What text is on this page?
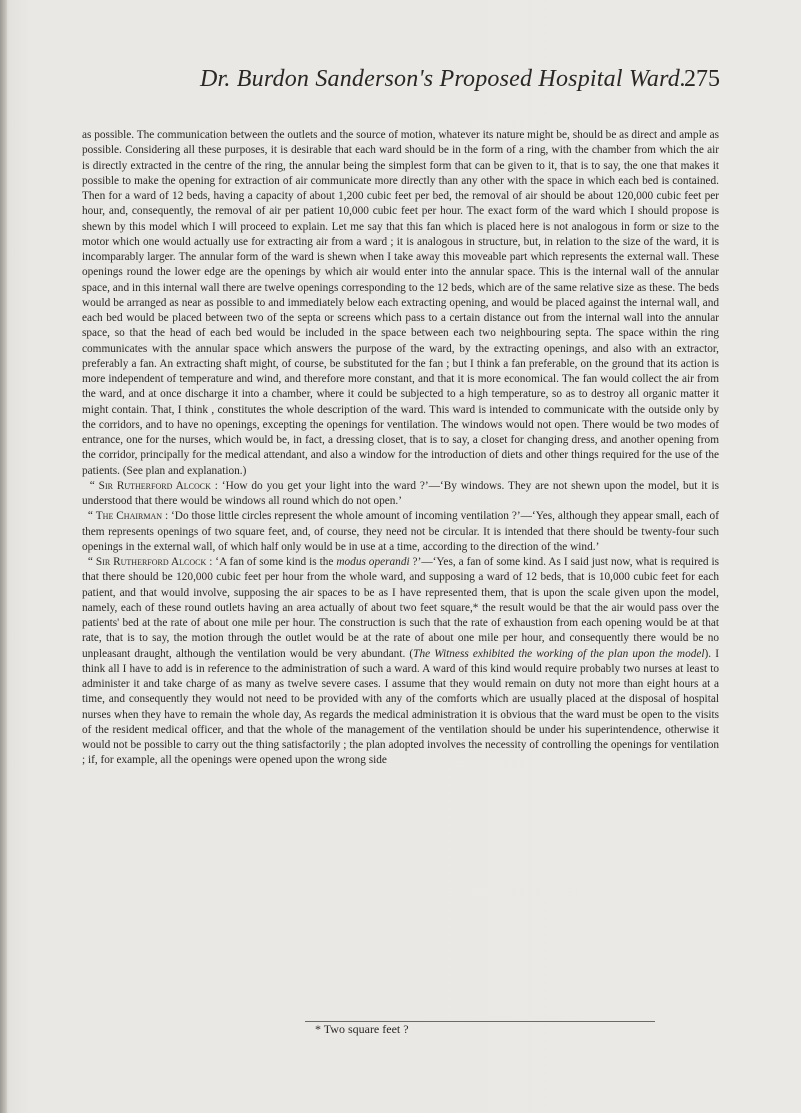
Dr. Burdon Sanderson's Proposed Hospital Ward.
275

as possible. The communication between the outlets and the source of motion, whatever its nature might be, should be as direct and ample as possible. Considering all these purposes, it is desirable that each ward should be in the form of a ring, with the chamber from which the air is directly extracted in the centre of the ring, the annular being the simplest form that can be given to it, that is to say, the one that makes it possible to make the opening for extraction of air communicate more directly than any other with the space in which each bed is contained. Then for a ward of 12 beds, having a capacity of about 1,200 cubic feet per bed, the removal of air should be about 120,000 cubic feet per hour, and, consequently, the removal of air per patient 10,000 cubic feet per hour. The exact form of the ward which I should propose is shewn by this model which I will proceed to explain. Let me say that this fan which is placed here is not analogous in form or size to the motor which one would actually use for extracting air from a ward ; it is analogous in structure, but, in relation to the size of the ward, it is incomparably larger. The annular form of the ward is shewn when I take away this moveable part which represents the external wall. These openings round the lower edge are the openings by which air would enter into the annular space. This is the internal wall of the annular space, and in this internal wall there are twelve openings corresponding to the 12 beds, which are of the same relative size as these. The beds would be arranged as near as possible to and immediately below each extracting opening, and would be placed against the internal wall, and each bed would be placed between two of the septa or screens which pass to a certain distance out from the internal wall into the annular space, so that the head of each bed would be included in the space between each two neighbouring septa. The space within the ring communicates with the annular space which answers the purpose of the ward, by the extracting openings, and also with an extractor, preferably a fan. An extracting shaft might, of course, be substituted for the fan ; but I think a fan preferable, on the ground that its action is more independent of temperature and wind, and therefore more constant, and that it is more economical. The fan would collect the air from the ward, and at once discharge it into a chamber, where it could be subjected to a high temperature, so as to destroy all organic matter it might contain. That, I think , constitutes the whole description of the ward. This ward is intended to communicate with the outside only by the corridors, and to have no openings, excepting the openings for ventilation. The windows would not open. There would be two modes of entrance, one for the nurses, which would be, in fact, a dressing closet, that is to say, a closet for changing dress, and another opening from the corridor, principally for the medical attendant, and also a window for the introduction of diets and other things required for the use of the patients. (See plan and explanation.)

“ Sir Rutherford Alcock : ‘How do you get your light into the ward ?’—‘By windows. They are not shewn upon the model, but it is understood that there would be windows all round which do not open.’

“ The Chairman : ‘Do those little circles represent the whole amount of incoming ventilation ?’—‘Yes, although they appear small, each of them represents openings of two square feet, and, of course, they need not be circular. It is intended that there should be twenty-four such openings in the external wall, of which half only would be in use at a time, according to the direction of the wind.’

“ Sir Rutherford Alcock : ‘A fan of some kind is the modus operandi ?’—‘Yes, a fan of some kind. As I said just now, what is required is that there should be 120,000 cubic feet per hour from the whole ward, and supposing a ward of 12 beds, that is 10,000 cubic feet for each patient, and that would involve, supposing the air spaces to be as I have represented them, that is upon the scale given upon the model, namely, each of these round outlets having an area actually of about two feet square,* the result would be that the air would pass over the patients' bed at the rate of about one mile per hour. The construction is such that the rate of exhaustion from each opening would be at that rate, that is to say, the motion through the outlet would be at the rate of about one mile per hour, and consequently there would be no unpleasant draught, although the ventilation would be very abundant. (The Witness exhibited the working of the plan upon the model). I think all I have to add is in reference to the administration of such a ward. A ward of this kind would require probably two nurses at least to administer it and take charge of as many as twelve severe cases. I assume that they would remain on duty not more than eight hours at a time, and consequently they would not need to be provided with any of the comforts which are usually placed at the disposal of hospital nurses when they have to remain the whole day, As regards the medical administration it is obvious that the ward must be open to the visits of the resident medical officer, and that the whole of the management of the ventilation should be under his superintendence, otherwise it would not be possible to carry out the thing satisfactorily ; the plan adopted involves the necessity of controlling the openings for ventilation ; if, for example, all the openings were opened upon the wrong side

* Two square feet ?
